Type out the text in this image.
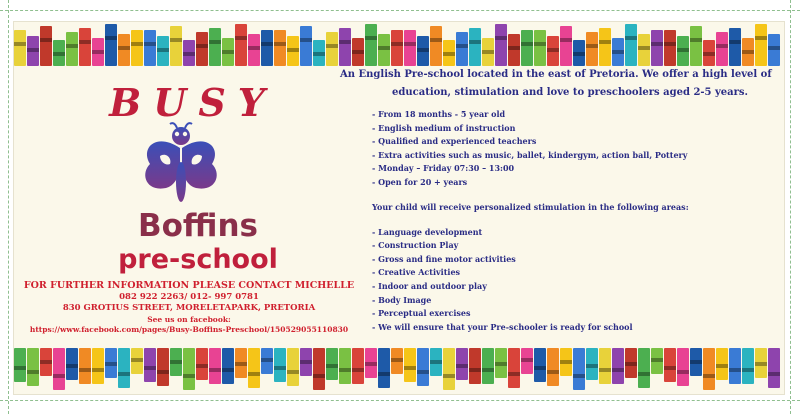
BUSY
Boffins
pre-school
FOR FURTHER INFORMATION PLEASE CONTACT MICHELLE
082 922 2263/ 012- 997 0781
830 GROTIUS STREET, MORELETAPARK, PRETORIA
See us on facebook:
https://www.facebook.com/pages/Busy-Boffins-Preschool/150529055110830
An English Pre-school located in the east of Pretoria. We offer a high level of
education, stimulation and love to preschoolers aged 2-5 years.
- From 18 months - 5 year old
- English medium of instruction
- Qualified and experienced teachers
- Extra activities such as music, ballet, kindergym, action ball, Pottery
- Monday – Friday 07:30 – 13:00
- Open for 20 + years
Your child will receive personalized stimulation in the following areas:
- Language development
- Construction Play
- Gross and fine motor activities
- Creative Activities
- Indoor and outdoor play
- Body Image
- Perceptual exercises
- We will ensure that your Pre-schooler is ready for school
